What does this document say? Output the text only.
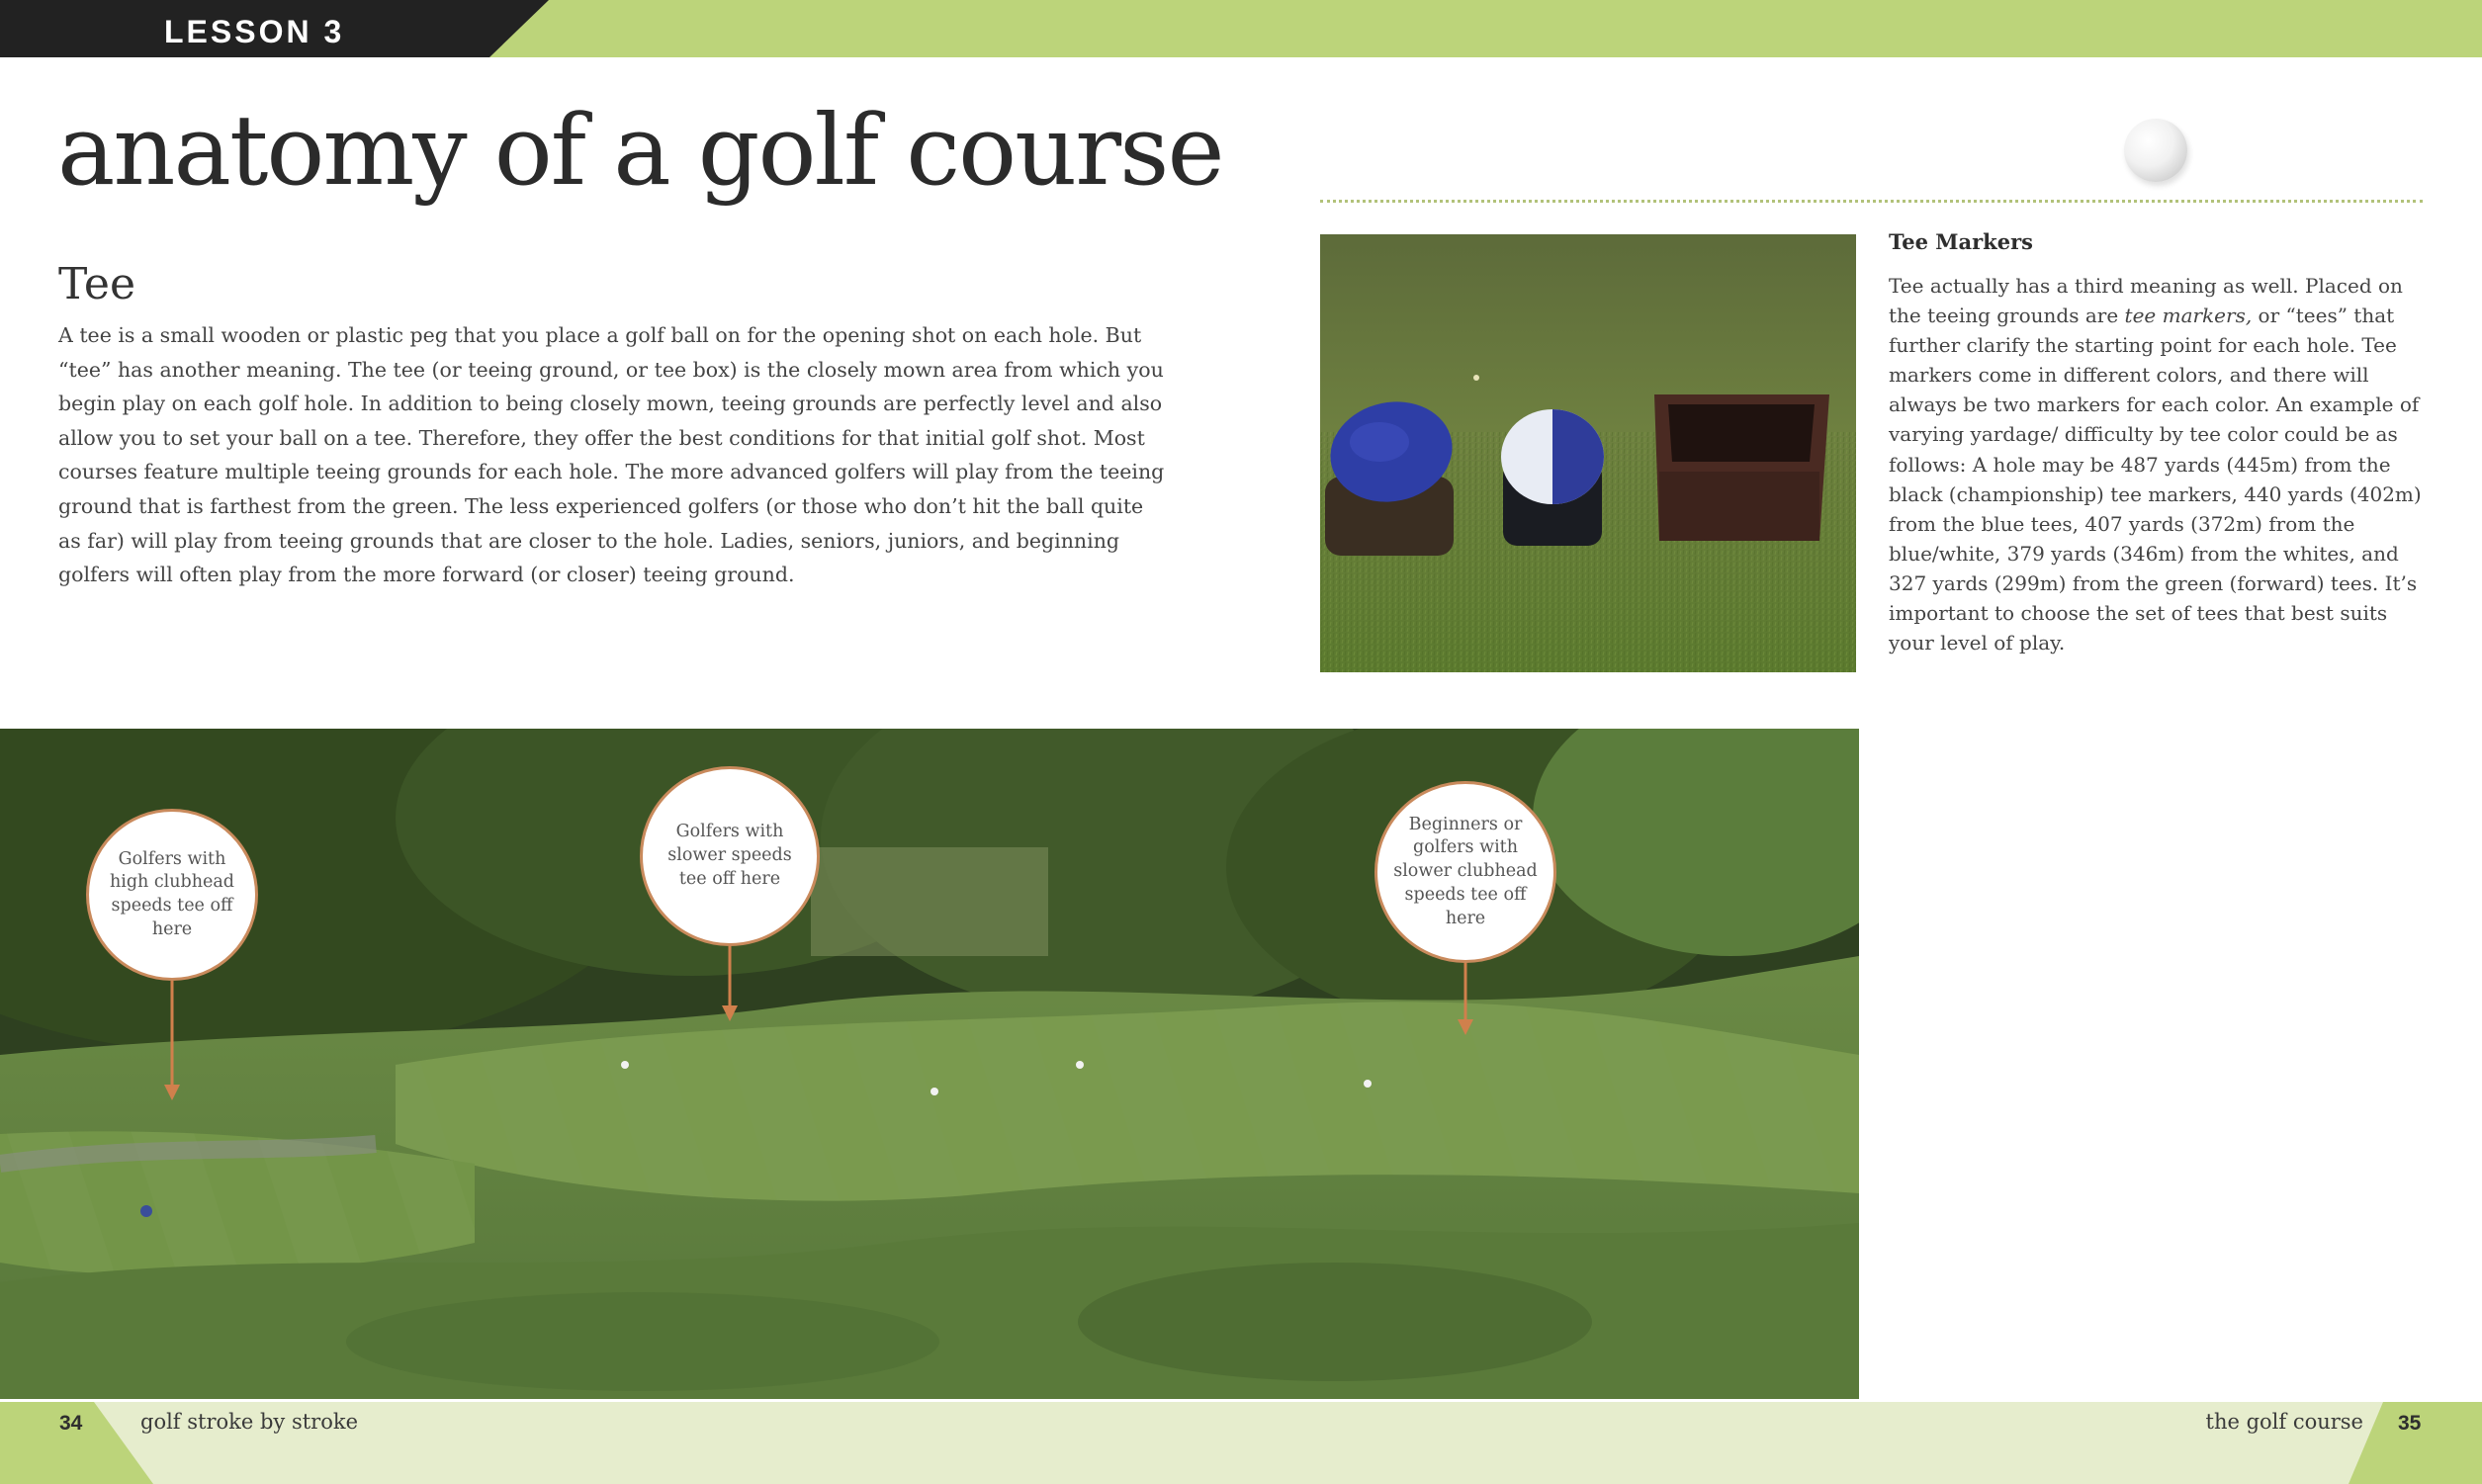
LESSON 3
anatomy of a golf course
Tee

A tee is a small wooden or plastic peg that you place a golf ball on for the opening shot on each hole. But “tee” has another meaning. The tee (or teeing ground, or tee box) is the closely mown area from which you begin play on each golf hole. In addition to being closely mown, teeing grounds are perfectly level and also allow you to set your ball on a tee. Therefore, they offer the best conditions for that initial golf shot. Most courses feature multiple teeing grounds for each hole. The more advanced golfers will play from the teeing ground that is farthest from the green. The less experienced golfers (or those who don’t hit the ball quite as far) will play from teeing grounds that are closer to the hole. Ladies, seniors, juniors, and beginning golfers will often play from the more forward (or closer) teeing ground.

Tee Markers

Tee actually has a third meaning as well. Placed on the teeing grounds are tee markers, or “tees” that further clarify the starting point for each hole. Tee markers come in different colors, and there will always be two markers for each color. An example of varying yardage/ difficulty by tee color could be as follows: A hole may be 487 yards (445m) from the black (championship) tee markers, 440 yards (402m) from the blue tees, 407 yards (372m) from the blue/white, 379 yards (346m) from the whites, and 327 yards (299m) from the green (forward) tees. It’s important to choose the set of tees that best suits your level of play.

Golfers with high clubhead speeds tee off here
Golfers with slower speeds tee off here
Beginners or golfers with slower clubhead speeds tee off here
34	golf stroke by stroke	the golf course 35
